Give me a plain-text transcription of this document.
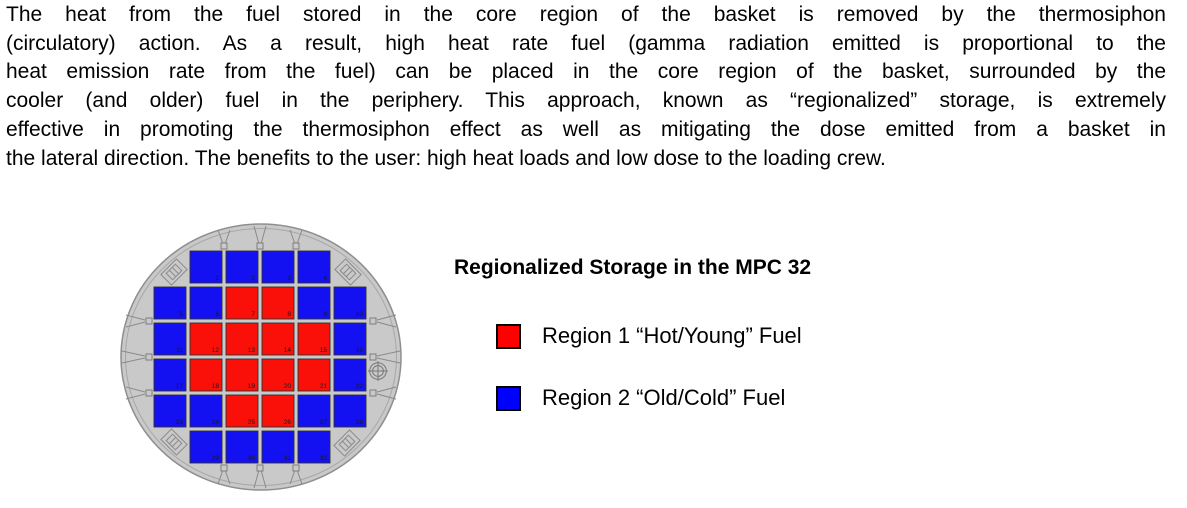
The heat from the fuel stored in the core region of the basket is removed by the thermosiphon
(circulatory) action. As a result, high heat rate fuel (gamma radiation emitted is proportional to the
heat emission rate from the fuel) can be placed in the core region of the basket, surrounded by the
cooler (and older) fuel in the periphery. This approach, known as “regionalized” storage, is extremely
effective in promoting the thermosiphon effect as well as mitigating the dose emitted from a basket in
the lateral direction. The benefits to the user: high heat loads and low dose to the loading crew.
1	2	3	4
5	6	7	8	9	10
11	12	13	14	15	16
17	18	19	20	21	22
23	24	25	26	27	28
29	30	31	32
Regionalized Storage in the MPC 32
Region 1 “Hot/Young” Fuel
Region 2 “Old/Cold” Fuel
